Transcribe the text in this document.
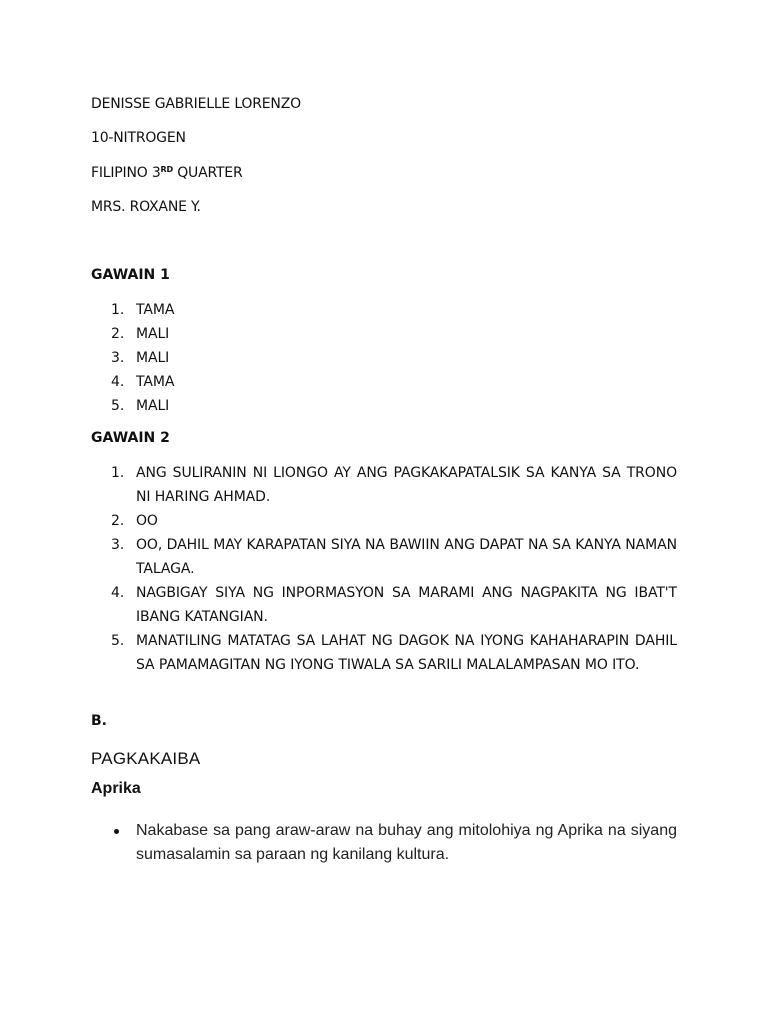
DENISSE GABRIELLE LORENZO
10-NITROGEN
FILIPINO 3RD QUARTER
MRS. ROXANE Y.
GAWAIN 1
1. TAMA
2. MALI
3. MALI
4. TAMA
5. MALI
GAWAIN 2
1. ANG SULIRANIN NI LIONGO AY ANG PAGKAKAPATALSIK SA KANYA SA TRONO NI HARING AHMAD.
2. OO
3. OO, DAHIL MAY KARAPATAN SIYA NA BAWIIN ANG DAPAT NA SA KANYA NAMAN TALAGA.
4. NAGBIGAY SIYA NG INPORMASYON SA MARAMI ANG NAGPAKITA NG IBAT'T IBANG KATANGIAN.
5. MANATILING MATATAG SA LAHAT NG DAGOK NA IYONG KAHAHARAPIN DAHIL SA PAMAMAGITAN NG IYONG TIWALA SA SARILI MALALAMPASAN MO ITO.
B.
PAGKAKAIBA
Aprika
Nakabase sa pang araw-araw na buhay ang mitolohiya ng Aprika na siyang sumasalamin sa paraan ng kanilang kultura.
